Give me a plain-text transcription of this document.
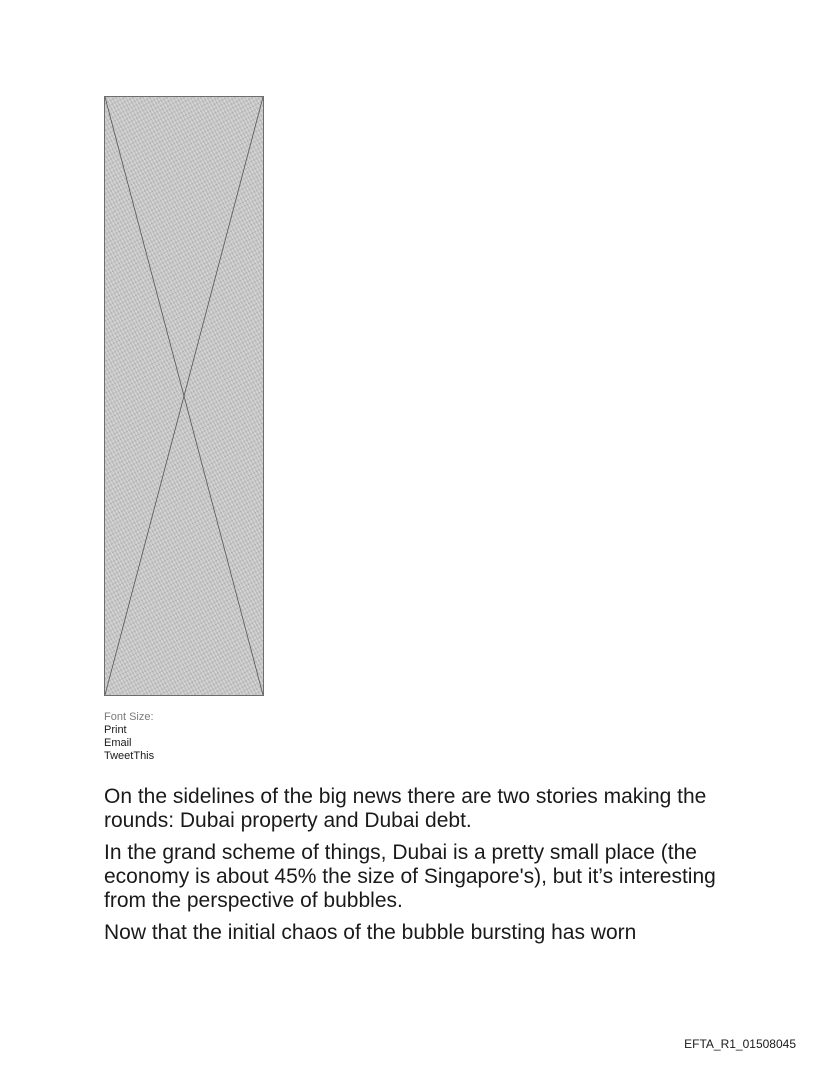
Font Size:
Print
Email
TweetThis

On the sidelines of the big news there are two stories making the rounds: Dubai property and Dubai debt.

In the grand scheme of things, Dubai is a pretty small place (the economy is about 45% the size of Singapore's), but it’s interesting from the perspective of bubbles.

Now that the initial chaos of the bubble bursting has worn

EFTA_R1_01508045
